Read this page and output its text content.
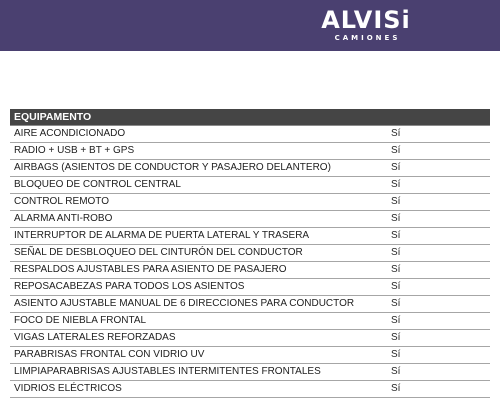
ALVISi
CAMIONES
EQUIPAMENTO	
AIRE ACONDICIONADO	Sí
RADIO + USB + BT + GPS	Sí
AIRBAGS (ASIENTOS DE CONDUCTOR Y PASAJERO DELANTERO)	Sí
BLOQUEO DE CONTROL CENTRAL	Sí
CONTROL REMOTO	Sí
ALARMA ANTI-ROBO	Sí
INTERRUPTOR DE ALARMA DE PUERTA LATERAL Y TRASERA	Sí
SEÑAL DE DESBLOQUEO DEL CINTURÓN DEL CONDUCTOR	Sí
RESPALDOS AJUSTABLES PARA ASIENTO DE PASAJERO	Sí
REPOSACABEZAS PARA TODOS LOS ASIENTOS	Sí
ASIENTO AJUSTABLE MANUAL DE 6 DIRECCIONES PARA CONDUCTOR	Sí
FOCO DE NIEBLA FRONTAL	Sí
VIGAS LATERALES REFORZADAS	Sí
PARABRISAS FRONTAL CON VIDRIO UV	Sí
LIMPIAPARABRISAS AJUSTABLES INTERMITENTES FRONTALES	Sí
VIDRIOS ELÉCTRICOS	Sí
